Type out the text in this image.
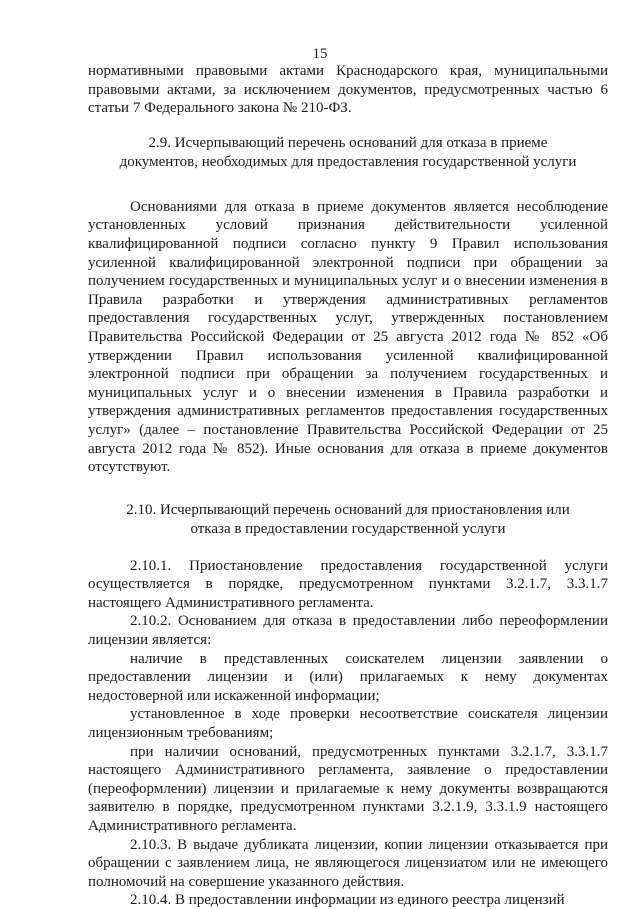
15

нормативными правовыми актами Краснодарского края, муниципальными правовыми актами, за исключением документов, предусмотренных частью 6 статьи 7 Федерального закона № 210-ФЗ.

2.9. Исчерпывающий перечень оснований для отказа в приеме документов, необходимых для предоставления государственной услуги

Основаниями для отказа в приеме документов является несоблюдение установленных условий признания действительности усиленной квалифицированной подписи согласно пункту 9 Правил использования усиленной квалифицированной электронной подписи при обращении за получением государственных и муниципальных услуг и о внесении изменения в Правила разработки и утверждения административных регламентов предоставления государственных услуг, утвержденных постановлением Правительства Российской Федерации от 25 августа 2012 года № 852 «Об утверждении Правил использования усиленной квалифицированной электронной подписи при обращении за получением государственных и муниципальных услуг и о внесении изменения в Правила разработки и утверждения административных регламентов предоставления государственных услуг» (далее – постановление Правительства Российской Федерации от 25 августа 2012 года № 852). Иные основания для отказа в приеме документов отсутствуют.

2.10. Исчерпывающий перечень оснований для приостановления или отказа в предоставлении государственной услуги

2.10.1. Приостановление предоставления государственной услуги осуществляется в порядке, предусмотренном пунктами 3.2.1.7, 3.3.1.7 настоящего Административного регламента.

2.10.2. Основанием для отказа в предоставлении либо переоформлении лицензии является:

наличие в представленных соискателем лицензии заявлении о предоставлении лицензии и (или) прилагаемых к нему документах недостоверной или искаженной информации;

установленное в ходе проверки несоответствие соискателя лицензии лицензионным требованиям;

при наличии оснований, предусмотренных пунктами 3.2.1.7, 3.3.1.7 настоящего Административного регламента, заявление о предоставлении (переоформлении) лицензии и прилагаемые к нему документы возвращаются заявителю в порядке, предусмотренном пунктами 3.2.1.9, 3.3.1.9 настоящего Административного регламента.

2.10.3. В выдаче дубликата лицензии, копии лицензии отказывается при обращении с заявлением лица, не являющегося лицензиатом или не имеющего полномочий на совершение указанного действия.

2.10.4. В предоставлении информации из единого реестра лицензий
